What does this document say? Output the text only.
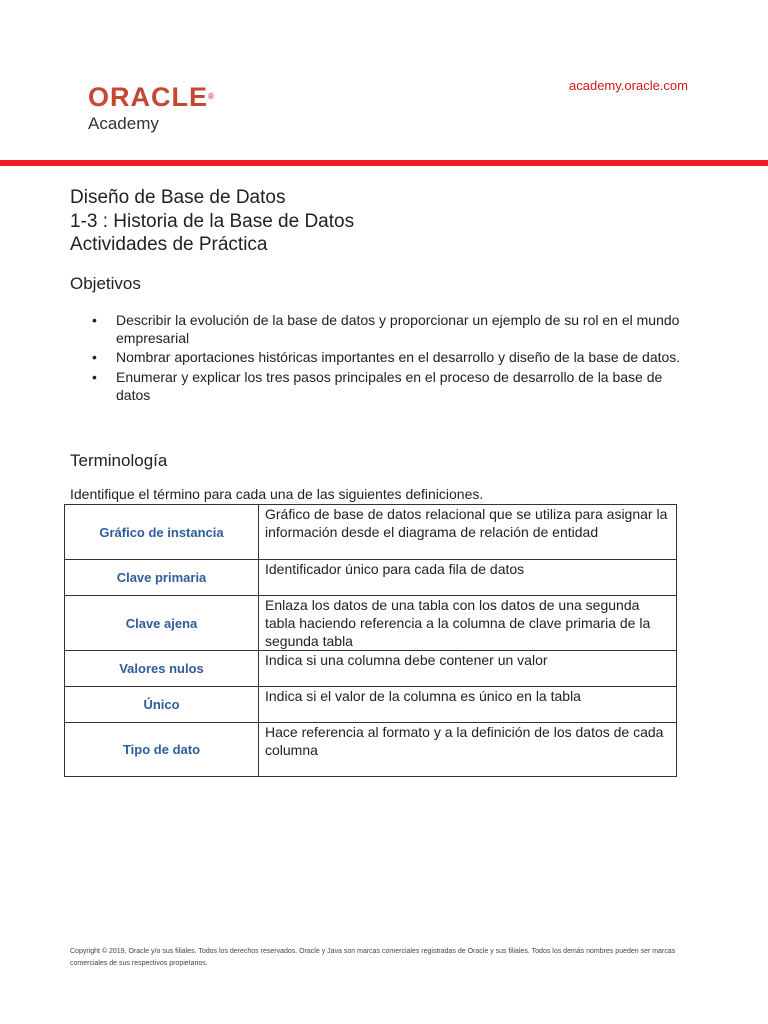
ORACLE®
Academy
academy.oracle.com
Diseño de Base de Datos
1-3 : Historia de la Base de Datos
Actividades de Práctica
Objetivos
• Describir la evolución de la base de datos y proporcionar un ejemplo de su rol en el mundo empresarial
• Nombrar aportaciones históricas importantes en el desarrollo y diseño de la base de datos.
• Enumerar y explicar los tres pasos principales en el proceso de desarrollo de la base de datos
Terminología
Identifique el término para cada una de las siguientes definiciones.
Gráfico de instancia	Gráfico de base de datos relacional que se utiliza para asignar la información desde el diagrama de relación de entidad
Clave primaria	Identificador único para cada fila de datos
Clave ajena	Enlaza los datos de una tabla con los datos de una segunda tabla haciendo referencia a la columna de clave primaria de la segunda tabla
Valores nulos	Indica si una columna debe contener un valor
Único	Indica si el valor de la columna es único en la tabla
Tipo de dato	Hace referencia al formato y a la definición de los datos de cada columna
Copyright © 2019, Oracle y/o sus filiales. Todos los derechos reservados. Oracle y Java son marcas comerciales registradas de Oracle y sus filiales. Todos los demás nombres pueden ser marcas comerciales de sus respectivos propietarios.
